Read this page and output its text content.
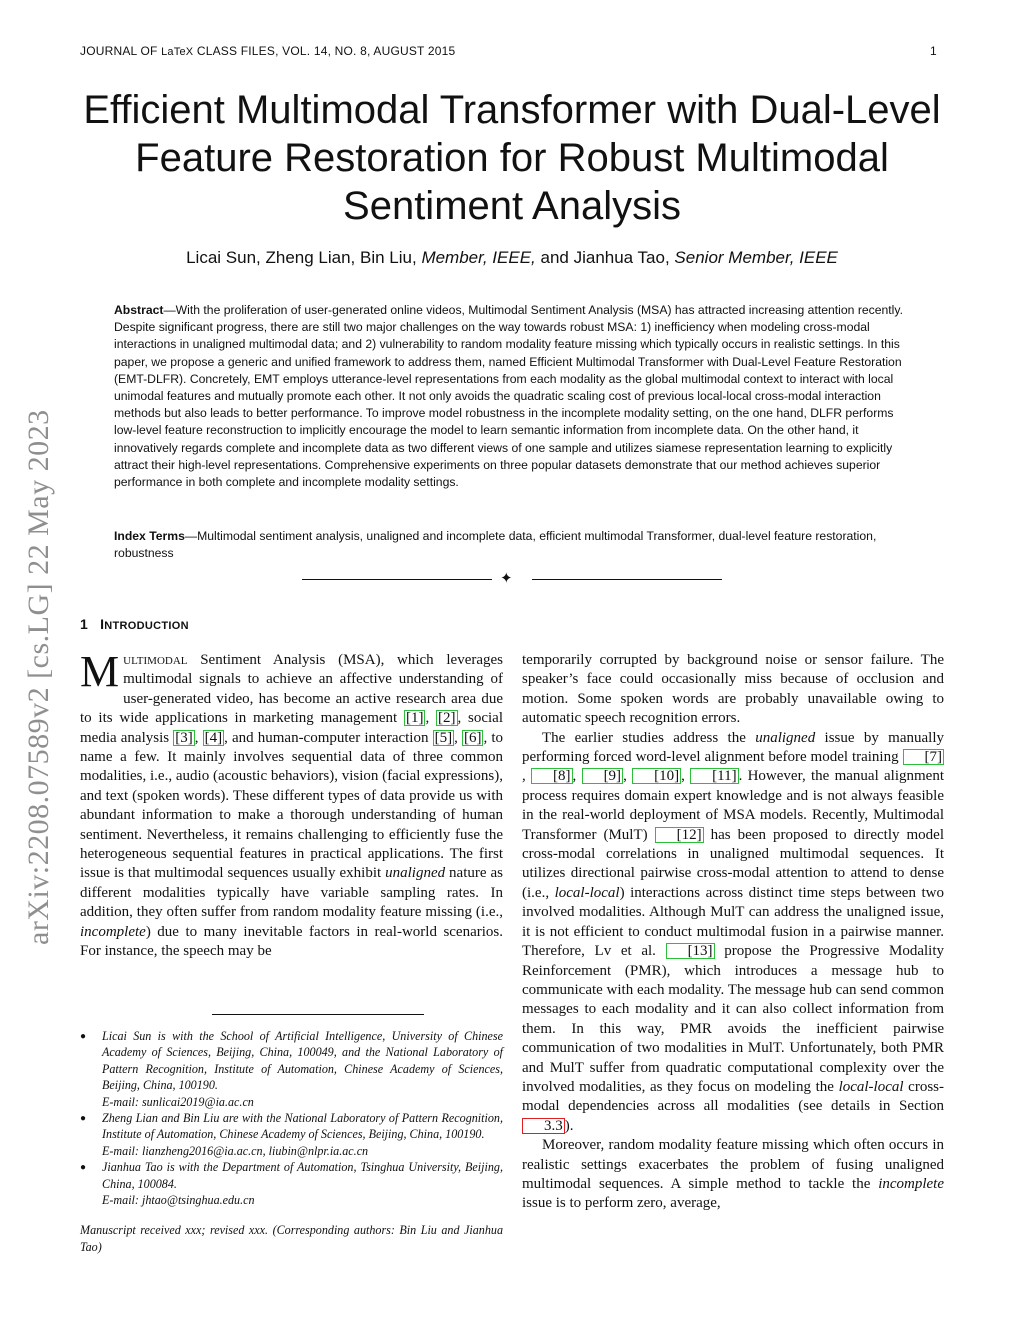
JOURNAL OF LaTeX CLASS FILES, VOL. 14, NO. 8, AUGUST 2015	1
arXiv:2208.07589v2 [cs.LG] 22 May 2023
Efficient Multimodal Transformer with Dual-Level Feature Restoration for Robust Multimodal Sentiment Analysis
Licai Sun, Zheng Lian, Bin Liu, Member, IEEE, and Jianhua Tao, Senior Member, IEEE

Abstract—With the proliferation of user-generated online videos, Multimodal Sentiment Analysis (MSA) has attracted increasing attention recently. Despite significant progress, there are still two major challenges on the way towards robust MSA: 1) inefficiency when modeling cross-modal interactions in unaligned multimodal data; and 2) vulnerability to random modality feature missing which typically occurs in realistic settings. In this paper, we propose a generic and unified framework to address them, named Efficient Multimodal Transformer with Dual-Level Feature Restoration (EMT-DLFR). Concretely, EMT employs utterance-level representations from each modality as the global multimodal context to interact with local unimodal features and mutually promote each other. It not only avoids the quadratic scaling cost of previous local-local cross-modal interaction methods but also leads to better performance. To improve model robustness in the incomplete modality setting, on the one hand, DLFR performs low-level feature reconstruction to implicitly encourage the model to learn semantic information from incomplete data. On the other hand, it innovatively regards complete and incomplete data as two different views of one sample and utilizes siamese representation learning to explicitly attract their high-level representations. Comprehensive experiments on three popular datasets demonstrate that our method achieves superior performance in both complete and incomplete modality settings.

Index Terms—Multimodal sentiment analysis, unaligned and incomplete data, efficient multimodal Transformer, dual-level feature restoration, robustness

✦
1 INTRODUCTION

Multimodal Sentiment Analysis (MSA), which leverages multimodal signals to achieve an affective understanding of user-generated video, has become an active research area due to its wide applications in marketing management [1] , [2] , social media analysis [3] , [4] , and human-computer interaction [5] , [6] , to name a few. It mainly involves sequential data of three common modalities, i.e., audio (acoustic behaviors), vision (facial expressions), and text (spoken words). These different types of data provide us with abundant information to make a thorough understanding of human sentiment. Nevertheless, it remains challenging to efficiently fuse the heterogeneous sequential features in practical applications. The first issue is that multimodal sequences usually exhibit unaligned nature as different modalities typically have variable sampling rates. In addition, they often suffer from random modality feature missing (i.e., incomplete) due to many inevitable factors in real-world scenarios. For instance, the speech may be

●	Licai Sun is with the School of Artificial Intelligence, University of Chinese Academy of Sciences, Beijing, China, 100049, and the National Laboratory of Pattern Recognition, Institute of Automation, Chinese Academy of Sciences, Beijing, China, 100190.
E-mail: sunlicai2019@ia.ac.cn
●	Zheng Lian and Bin Liu are with the National Laboratory of Pattern Recognition, Institute of Automation, Chinese Academy of Sciences, Beijing, China, 100190.
E-mail: lianzheng2016@ia.ac.cn, liubin@nlpr.ia.ac.cn
●	Jianhua Tao is with the Department of Automation, Tsinghua University, Beijing, China, 100084.
E-mail: jhtao@tsinghua.edu.cn
Manuscript received xxx; revised xxx. (Corresponding authors: Bin Liu and Jianhua Tao)

temporarily corrupted by background noise or sensor failure. The speaker’s face could occasionally miss because of occlusion and motion. Some spoken words are probably unavailable owing to automatic speech recognition errors.

The earlier studies address the unaligned issue by manually performing forced word-level alignment before model training [7], [8] , [9] , [10] , [11] . However, the manual alignment process requires domain expert knowledge and is not always feasible in the real-world deployment of MSA models. Recently, Multimodal Transformer (MulT) [12] has been proposed to directly model cross-modal correlations in unaligned multimodal sequences. It utilizes directional pairwise cross-modal attention to attend to dense (i.e., local-local) interactions across distinct time steps between two involved modalities. Although MulT can address the unaligned issue, it is not efficient to conduct multimodal fusion in a pairwise manner. Therefore, Lv et al. [13] propose the Progressive Modality Reinforcement (PMR), which introduces a message hub to communicate with each modality. The message hub can send common messages to each modality and it can also collect information from them. In this way, PMR avoids the inefficient pairwise communication of two modalities in MulT. Unfortunately, both PMR and MulT suffer from quadratic computational complexity over the involved modalities, as they focus on modeling the local-local cross-modal dependencies across all modalities (see details in Section 3.3 ).

Moreover, random modality feature missing which often occurs in realistic settings exacerbates the problem of fusing unaligned multimodal sequences. A simple method to tackle the incomplete issue is to perform zero, average,
